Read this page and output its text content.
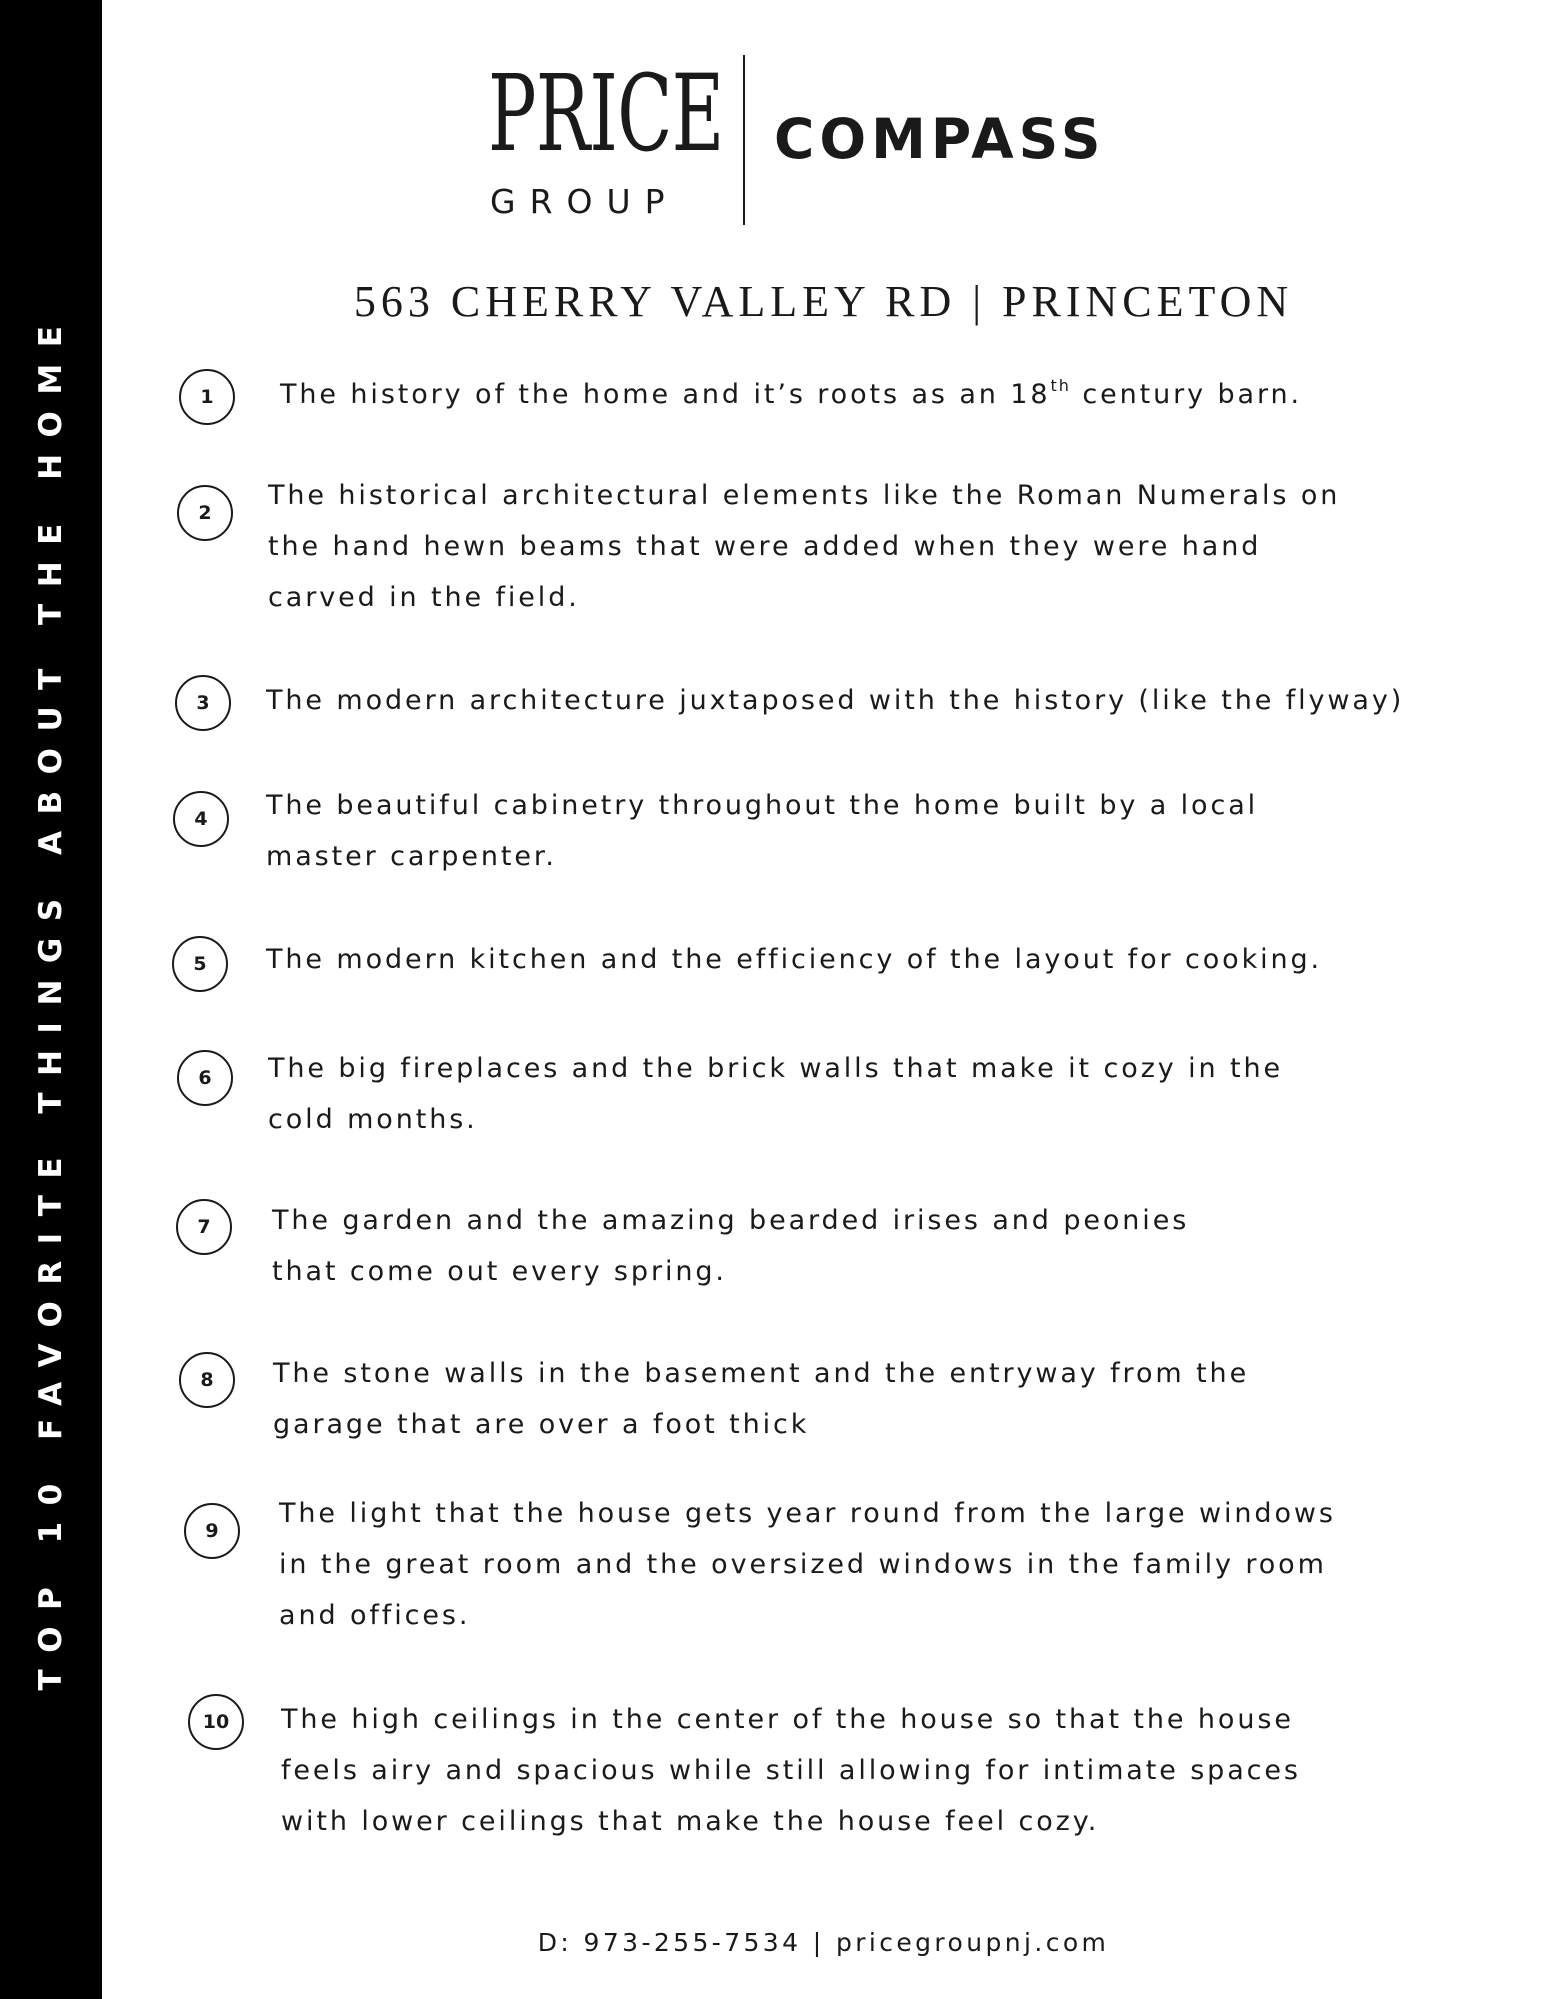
TOP 10 FAVORITE THINGS ABOUT THE HOME
PRICE
GROUP
COMPASS
563 CHERRY VALLEY RD | PRINCETON
1	The history of the home and it’s roots as an 18th century barn.
2
The historical architectural elements like the Roman Numerals on
the hand hewn beams that were added when they were hand
carved in the field.
3	The modern architecture juxtaposed with the history (like the flyway)
4	The beautiful cabinetry throughout the home built by a local
master carpenter.
5	The modern kitchen and the efficiency of the layout for cooking.
6	The big fireplaces and the brick walls that make it cozy in the
cold months.
7	The garden and the amazing bearded irises and peonies
that come out every spring.
8	The stone walls in the basement and the entryway from the
garage that are over a foot thick
9
The light that the house gets year round from the large windows
in the great room and the oversized windows in the family room
and offices.
10	The high ceilings in the center of the house so that the house
feels airy and spacious while still allowing for intimate spaces
with lower ceilings that make the house feel cozy.
D: 973-255-7534 | pricegroupnj.com
